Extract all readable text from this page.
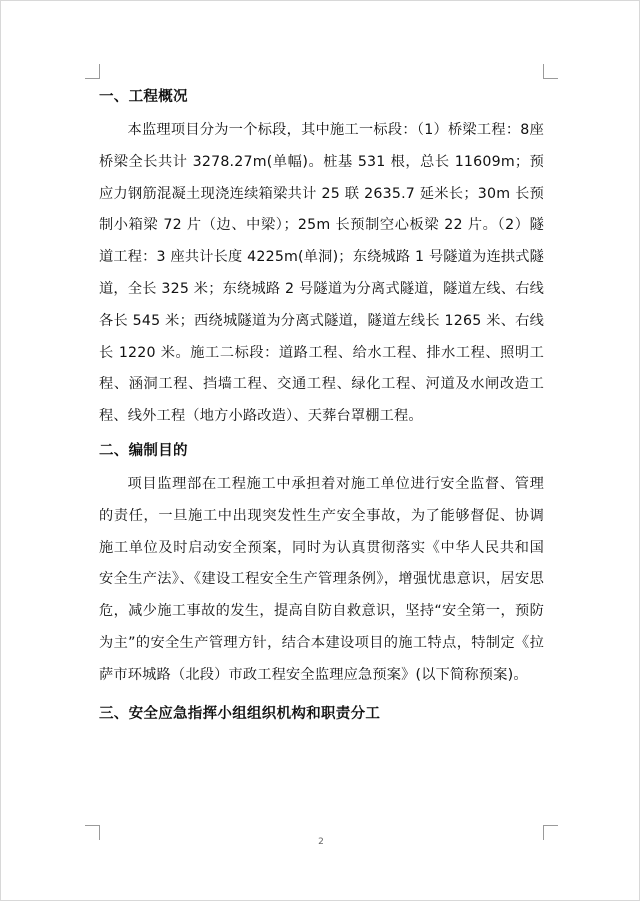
一、工程概况

本监理项目分为一个标段，其中施工一标段：（1）桥梁工程：8座桥梁全长共计 3278.27m(单幅)。桩基 531 根，总长 11609m；预应力钢筋混凝土现浇连续箱梁共计 25 联 2635.7 延米长；30m 长预制小箱梁 72 片（边、中梁）；25m 长预制空心板梁 22 片。（2）隧道工程：3 座共计长度 4225m(单洞)；东绕城路 1 号隧道为连拱式隧道，全长 325 米；东绕城路 2 号隧道为分离式隧道，隧道左线、右线各长 545 米；西绕城隧道为分离式隧道，隧道左线长 1265 米、右线长 1220 米。施工二标段：道路工程、给水工程、排水工程、照明工程、涵洞工程、挡墙工程、交通工程、绿化工程、河道及水闸改造工程、线外工程（地方小路改造）、天葬台罩棚工程。

二、编制目的

项目监理部在工程施工中承担着对施工单位进行安全监督、管理的责任，一旦施工中出现突发性生产安全事故，为了能够督促、协调施工单位及时启动安全预案，同时为认真贯彻落实《中华人民共和国安全生产法》、《建设工程安全生产管理条例》，增强忧患意识，居安思危，减少施工事故的发生，提高自防自救意识，坚持“安全第一，预防为主”的安全生产管理方针，结合本建设项目的施工特点，特制定《拉萨市环城路（北段）市政工程安全监理应急预案》(以下简称预案)。

三、安全应急指挥小组组织机构和职责分工
2
